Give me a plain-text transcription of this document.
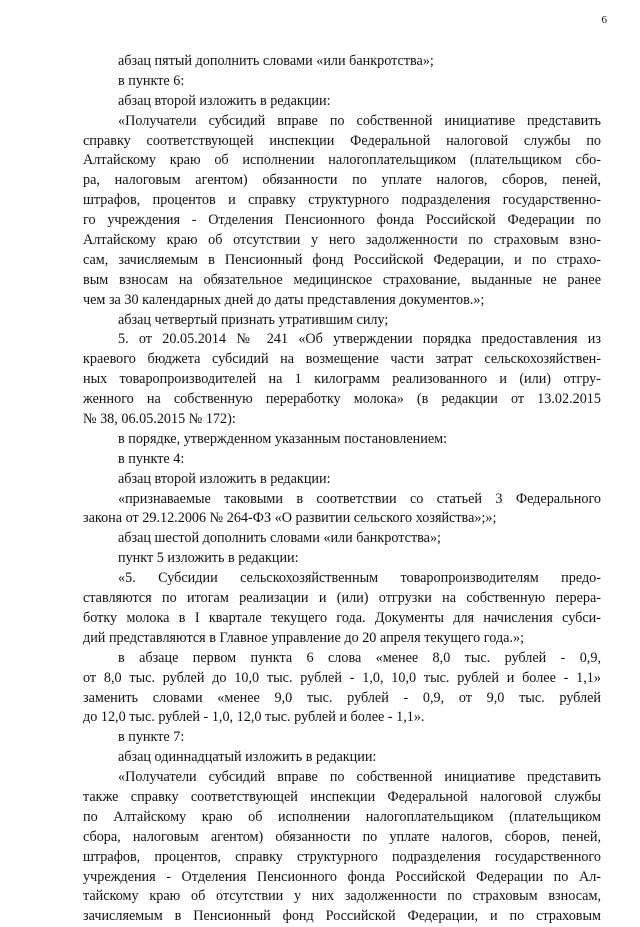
6
абзац пятый дополнить словами «или банкротства»;
в пункте 6:
абзац второй изложить в редакции:
«Получатели субсидий вправе по собственной инициативе представить
справку соответствующей инспекции Федеральной налоговой службы по
Алтайскому краю об исполнении налогоплательщиком (плательщиком сбо-
ра, налоговым агентом) обязанности по уплате налогов, сборов, пеней,
штрафов, процентов и справку структурного подразделения государственно-
го учреждения - Отделения Пенсионного фонда Российской Федерации по
Алтайскому краю об отсутствии у него задолженности по страховым взно-
сам, зачисляемым в Пенсионный фонд Российской Федерации, и по страхо-
вым взносам на обязательное медицинское страхование, выданные не ранее
чем за 30 календарных дней до даты представления документов.»;
абзац четвертый признать утратившим силу;
5. от 20.05.2014 № 241 «Об утверждении порядка предоставления из
краевого бюджета субсидий на возмещение части затрат сельскохозяйствен-
ных товаропроизводителей на 1 килограмм реализованного и (или) отгру-
женного на собственную переработку молока» (в редакции от 13.02.2015
№ 38, 06.05.2015 № 172):
в порядке, утвержденном указанным постановлением:
в пункте 4:
абзац второй изложить в редакции:
«признаваемые таковыми в соответствии со статьей 3 Федерального
закона от 29.12.2006 № 264-ФЗ «О развитии сельского хозяйства»;»;
абзац шестой дополнить словами «или банкротства»;
пункт 5 изложить в редакции:
«5. Субсидии сельскохозяйственным товаропроизводителям предо-
ставляются по итогам реализации и (или) отгрузки на собственную перера-
ботку молока в I квартале текущего года. Документы для начисления субси-
дий представляются в Главное управление до 20 апреля текущего года.»;
в абзаце первом пункта 6 слова «менее 8,0 тыс. рублей - 0,9,
от 8,0 тыс. рублей до 10,0 тыс. рублей - 1,0, 10,0 тыс. рублей и более - 1,1»
заменить словами «менее 9,0 тыс. рублей - 0,9, от 9,0 тыс. рублей
до 12,0 тыс. рублей - 1,0, 12,0 тыс. рублей и более - 1,1».
в пункте 7:
абзац одиннадцатый изложить в редакции:
«Получатели субсидий вправе по собственной инициативе представить
также справку соответствующей инспекции Федеральной налоговой службы
по Алтайскому краю об исполнении налогоплательщиком (плательщиком
сбора, налоговым агентом) обязанности по уплате налогов, сборов, пеней,
штрафов, процентов, справку структурного подразделения государственного
учреждения - Отделения Пенсионного фонда Российской Федерации по Ал-
тайскому краю об отсутствии у них задолженности по страховым взносам,
зачисляемым в Пенсионный фонд Российской Федерации, и по страховым
